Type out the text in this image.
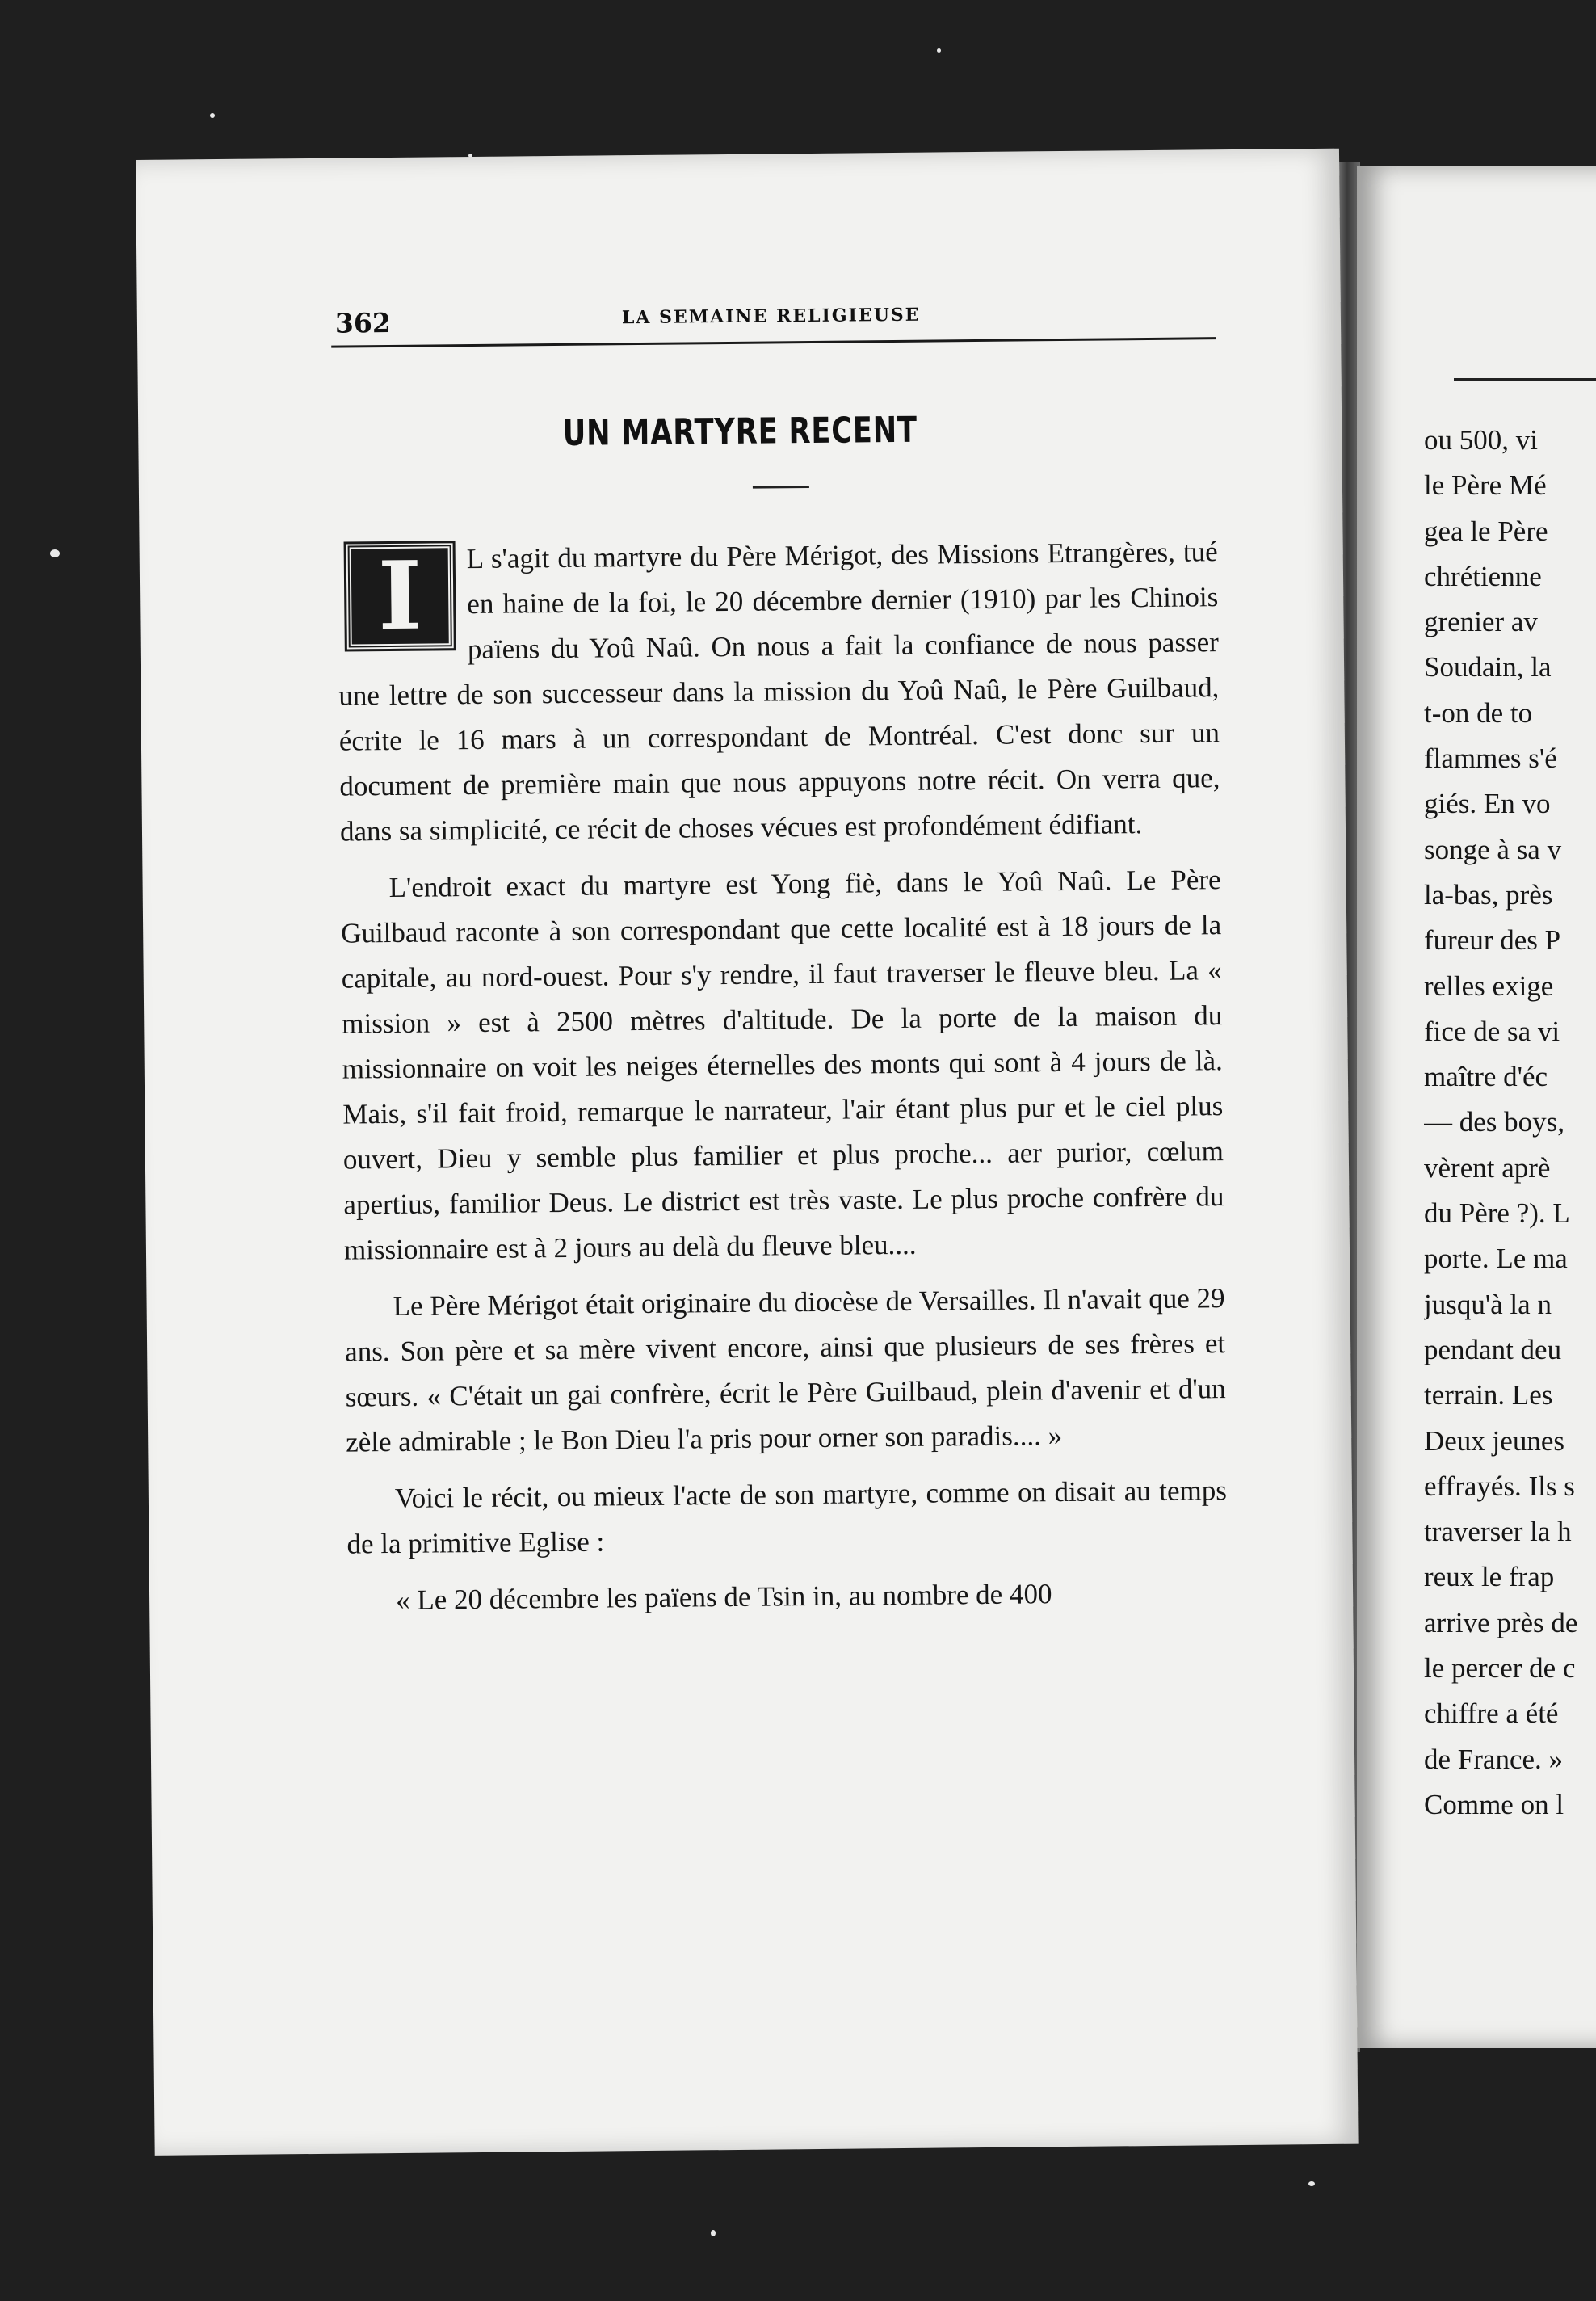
ou 500, vi
le Père Mé
gea le Père
chrétienne
grenier av
Soudain, la
t-on de to
flammes s'é
giés. En vo
songe à sa v
la-bas, près
fureur des P
relles exige
fice de sa vi
maître d'éc
— des boys,
vèrent aprè
du Père ?). L
porte. Le ma
jusqu'à la n
pendant deu
terrain. Les
Deux jeunes
effrayés. Ils s
traverser la h
reux le frap
arrive près de
le percer de c
chiffre a été
de France. »
Comme on l
362	LA SEMAINE RELIGIEUSE
UN MARTYRE RECENT
I	L s'agit du martyre du Père Mérigot, des Missions Etrangères, tué en haine de la foi, le 20 décembre dernier (1910) par les Chinois païens du Yoû Naû. On nous a fait la confiance de nous passer une lettre de son successeur dans la mission du Yoû Naû, le Père Guilbaud, écrite le 16 mars à un correspondant de Montréal. C'est donc sur un document de première main que nous appuyons notre récit. On verra que, dans sa simplicité, ce récit de choses vécues est profondément édifiant.

L'endroit exact du martyre est Yong fiè, dans le Yoû Naû. Le Père Guilbaud raconte à son correspondant que cette localité est à 18 jours de la capitale, au nord-ouest. Pour s'y rendre, il faut traverser le fleuve bleu. La « mission » est à 2500 mètres d'altitude. De la porte de la maison du missionnaire on voit les neiges éternelles des monts qui sont à 4 jours de là. Mais, s'il fait froid, remarque le narrateur, l'air étant plus pur et le ciel plus ouvert, Dieu y semble plus familier et plus proche... aer purior, cœlum apertius, familior Deus. Le district est très vaste. Le plus proche confrère du missionnaire est à 2 jours au delà du fleuve bleu....

Le Père Mérigot était originaire du diocèse de Versailles. Il n'avait que 29 ans. Son père et sa mère vivent encore, ainsi que plusieurs de ses frères et sœurs. « C'était un gai confrère, écrit le Père Guilbaud, plein d'avenir et d'un zèle admirable ; le Bon Dieu l'a pris pour orner son paradis.... »

Voici le récit, ou mieux l'acte de son martyre, comme on disait au temps de la primitive Eglise :

« Le 20 décembre les païens de Tsin in, au nombre de 400
